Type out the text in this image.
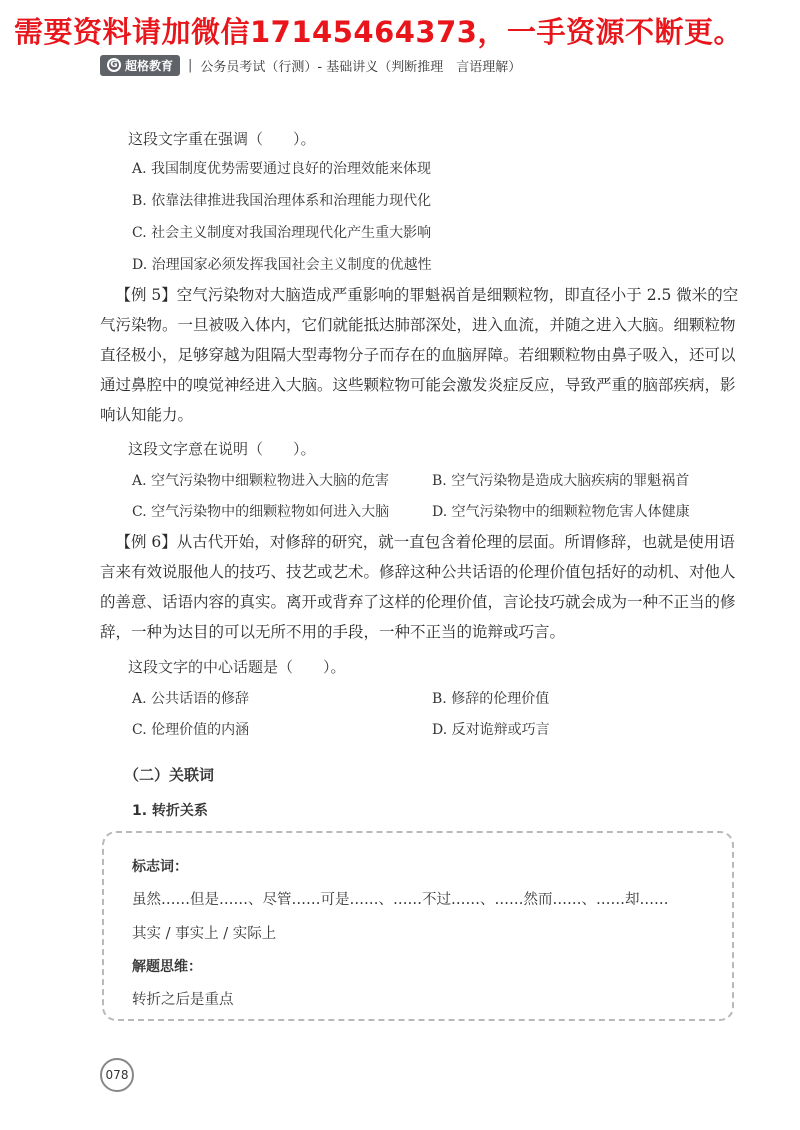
需要资料请加微信17145464373，一手资源不断更。
G 超格教育 | 公务员考试（行测）- 基础讲义（判断推理　言语理解）
这段文字重在强调（　　）。
A. 我国制度优势需要通过良好的治理效能来体现
B. 依靠法律推进我国治理体系和治理能力现代化
C. 社会主义制度对我国治理现代化产生重大影响
D. 治理国家必须发挥我国社会主义制度的优越性
【例 5】空气污染物对大脑造成严重影响的罪魁祸首是细颗粒物，即直径小于 2.5 微米的空气污染物。一旦被吸入体内，它们就能抵达肺部深处，进入血流，并随之进入大脑。细颗粒物直径极小，足够穿越为阻隔大型毒物分子而存在的血脑屏障。若细颗粒物由鼻子吸入，还可以通过鼻腔中的嗅觉神经进入大脑。这些颗粒物可能会激发炎症反应，导致严重的脑部疾病，影响认知能力。
这段文字意在说明（　　）。
A. 空气污染物中细颗粒物进入大脑的危害	B. 空气污染物是造成大脑疾病的罪魁祸首
C. 空气污染物中的细颗粒物如何进入大脑	D. 空气污染物中的细颗粒物危害人体健康
【例 6】从古代开始，对修辞的研究，就一直包含着伦理的层面。所谓修辞，也就是使用语言来有效说服他人的技巧、技艺或艺术。修辞这种公共话语的伦理价值包括好的动机、对他人的善意、话语内容的真实。离开或背弃了这样的伦理价值，言论技巧就会成为一种不正当的修辞，一种为达目的可以无所不用的手段，一种不正当的诡辩或巧言。
这段文字的中心话题是（　　）。
A. 公共话语的修辞	B. 修辞的伦理价值
C. 伦理价值的内涵	D. 反对诡辩或巧言
（二）关联词
1. 转折关系
标志词：
虽然……但是……、尽管……可是……、……不过……、……然而……、……却……
其实 / 事实上 / 实际上
解题思维：
转折之后是重点
078
